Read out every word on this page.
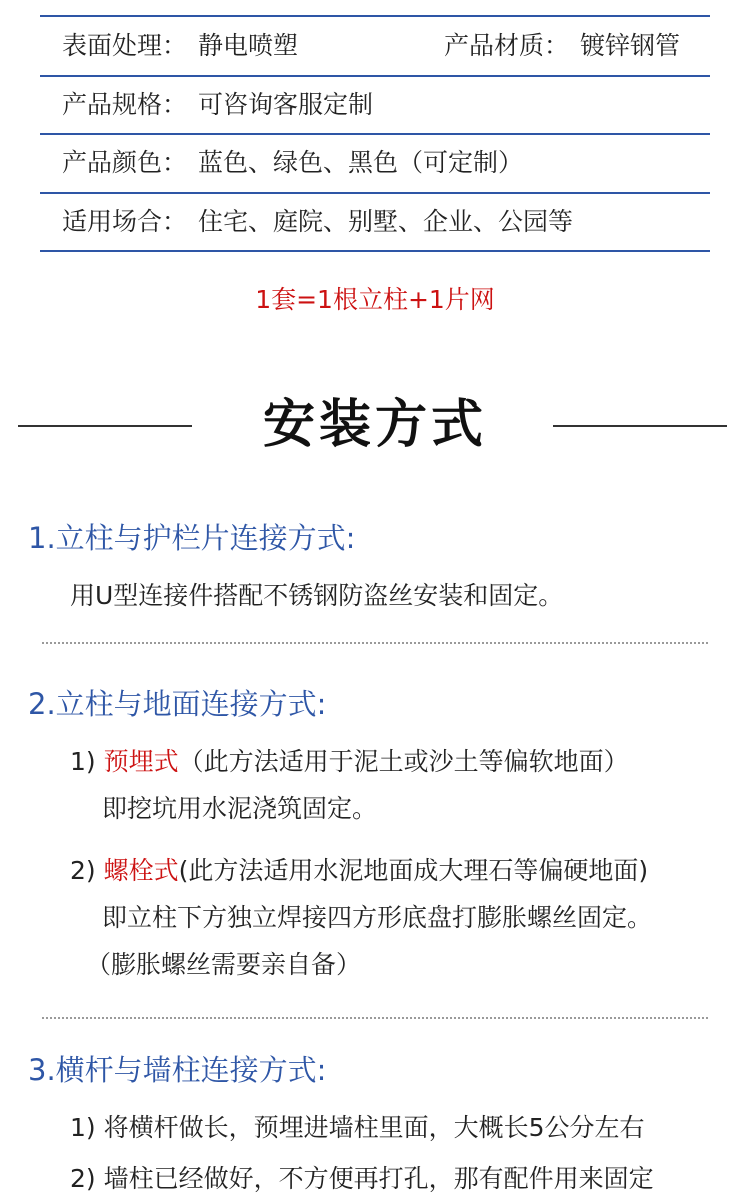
表面处理： 静电喷塑	产品材质： 镀锌钢管
产品规格： 可咨询客服定制
产品颜色： 蓝色、绿色、黑色（可定制）
适用场合： 住宅、庭院、别墅、企业、公园等
1套=1根立柱+1片网
安装方式
1.立柱与护栏片连接方式:
用U型连接件搭配不锈钢防盗丝安装和固定。
2.立柱与地面连接方式:
1) 预埋式（此方法适用于泥土或沙土等偏软地面）
即挖坑用水泥浇筑固定。
2) 螺栓式(此方法适用水泥地面成大理石等偏硬地面)
即立柱下方独立焊接四方形底盘打膨胀螺丝固定。
（膨胀螺丝需要亲自备）
3.横杆与墙柱连接方式:
1) 将横杆做长，预埋进墙柱里面，大概长5公分左右
2) 墙柱已经做好，不方便再打孔，那有配件用来固定
